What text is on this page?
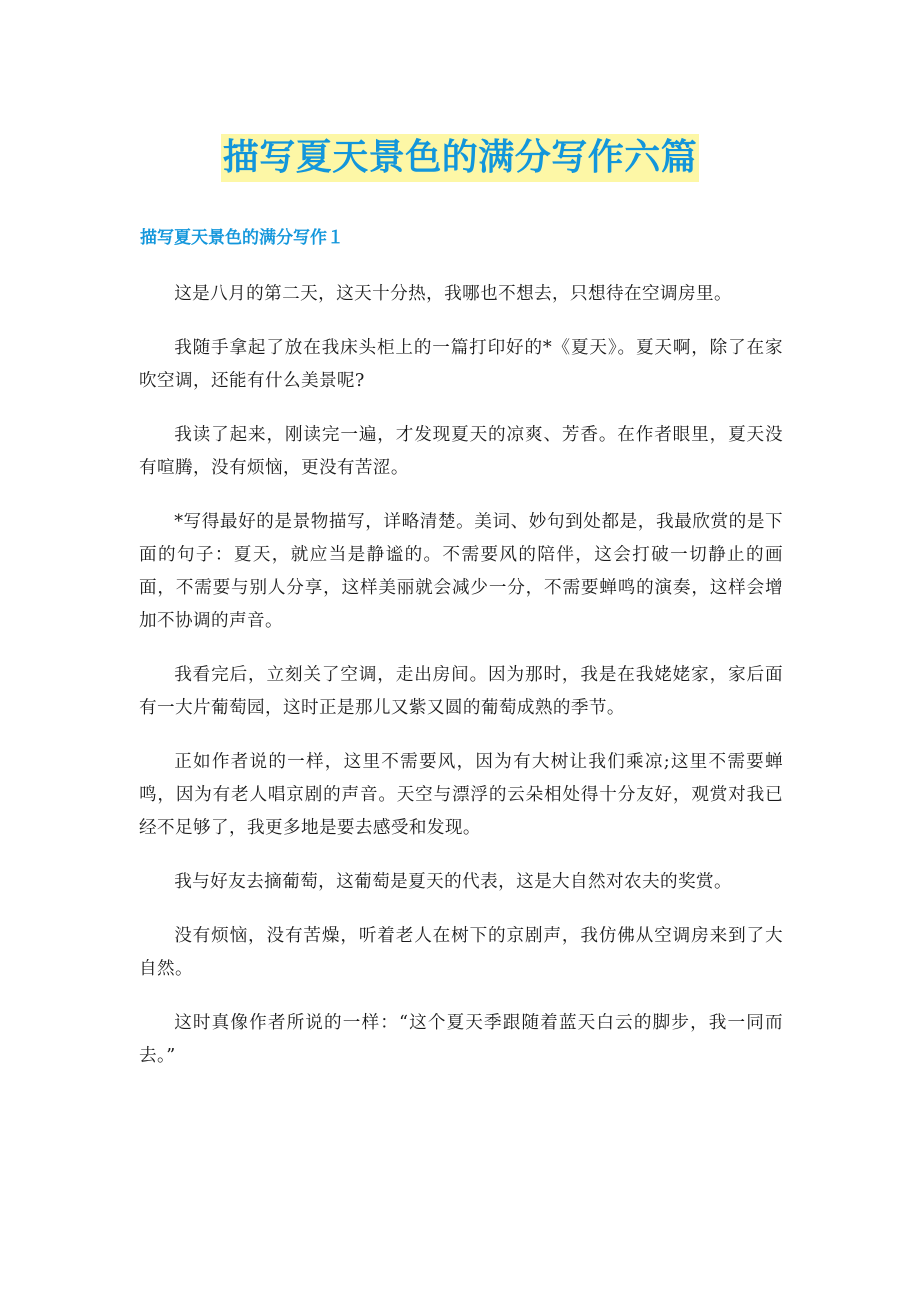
描写夏天景色的满分写作六篇
描写夏天景色的满分写作１

这是八月的第二天，这天十分热，我哪也不想去，只想待在空调房里。

我随手拿起了放在我床头柜上的一篇打印好的*《夏天》。夏天啊，除了在家吹空调，还能有什么美景呢?

我读了起来，刚读完一遍，才发现夏天的凉爽、芳香。在作者眼里，夏天没有喧腾，没有烦恼，更没有苦涩。

*写得最好的是景物描写，详略清楚。美词、妙句到处都是，我最欣赏的是下面的句子：夏天，就应当是静谧的。不需要风的陪伴，这会打破一切静止的画面，不需要与别人分享，这样美丽就会减少一分，不需要蝉鸣的演奏，这样会增加不协调的声音。

我看完后，立刻关了空调，走出房间。因为那时，我是在我姥姥家，家后面有一大片葡萄园，这时正是那儿又紫又圆的葡萄成熟的季节。

正如作者说的一样，这里不需要风，因为有大树让我们乘凉;这里不需要蝉鸣，因为有老人唱京剧的声音。天空与漂浮的云朵相处得十分友好，观赏对我已经不足够了，我更多地是要去感受和发现。

我与好友去摘葡萄，这葡萄是夏天的代表，这是大自然对农夫的奖赏。

没有烦恼，没有苦燥，听着老人在树下的京剧声，我仿佛从空调房来到了大自然。

这时真像作者所说的一样：“这个夏天季跟随着蓝天白云的脚步，我一同而去。”
